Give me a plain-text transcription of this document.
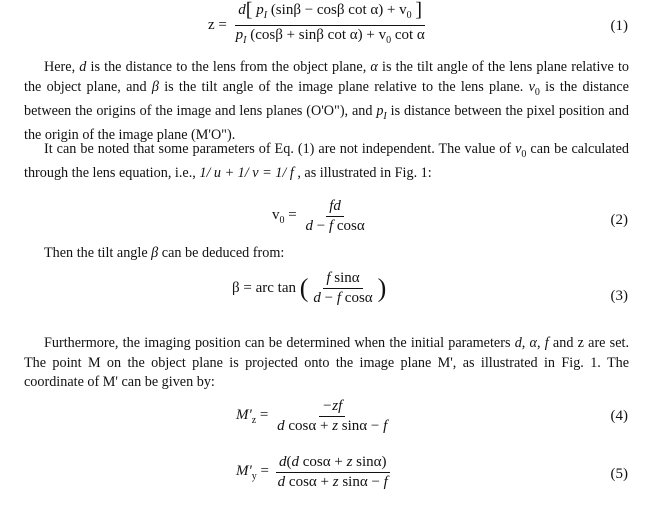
$z = \frac{d[ p_I (\sin\beta - \cos\beta \cot \alpha) + v_0 ]}{p_I (\cos\beta + \sin\beta \cot \alpha) + v_0 \cot \alpha}$	(1)

Here, d is the distance to the lens from the object plane, α is the tilt angle of the lens plane relative to the object plane, and β is the tilt angle of the image plane relative to the lens plane. $v_0$ is the distance between the origins of the image and lens planes (O'O"), and $p_I$ is distance between the pixel position and the origin of the image plane (M'O").

It can be noted that some parameters of Eq. (1) are not independent. The value of $v_0$ can be calculated through the lens equation, i.e., 1/ u + 1/ v = 1/ f , as illustrated in Fig. 1:

$v_0 = \frac{fd}{\text{d − f cosα}}$	(2)

Then the tilt angle β can be deduced from:

β = arc tan ( $\frac{\text{f sinα}}{\text{d − f cosα}}$ )	(3)

Furthermore, the imaging position can be determined when the initial parameters d, α, f and z are set. The point M on the object plane is projected onto the image plane M', as illustrated in Fig. 1. The coordinate of M' can be given by:

$M'_z = \frac{-zf}{\text{d cosα + z sinα − f}}$	(4)
$M'_y = \frac{\text{d(d cosα + z sinα)}}{\text{d cosα + z sinα − f}}$	(5)
